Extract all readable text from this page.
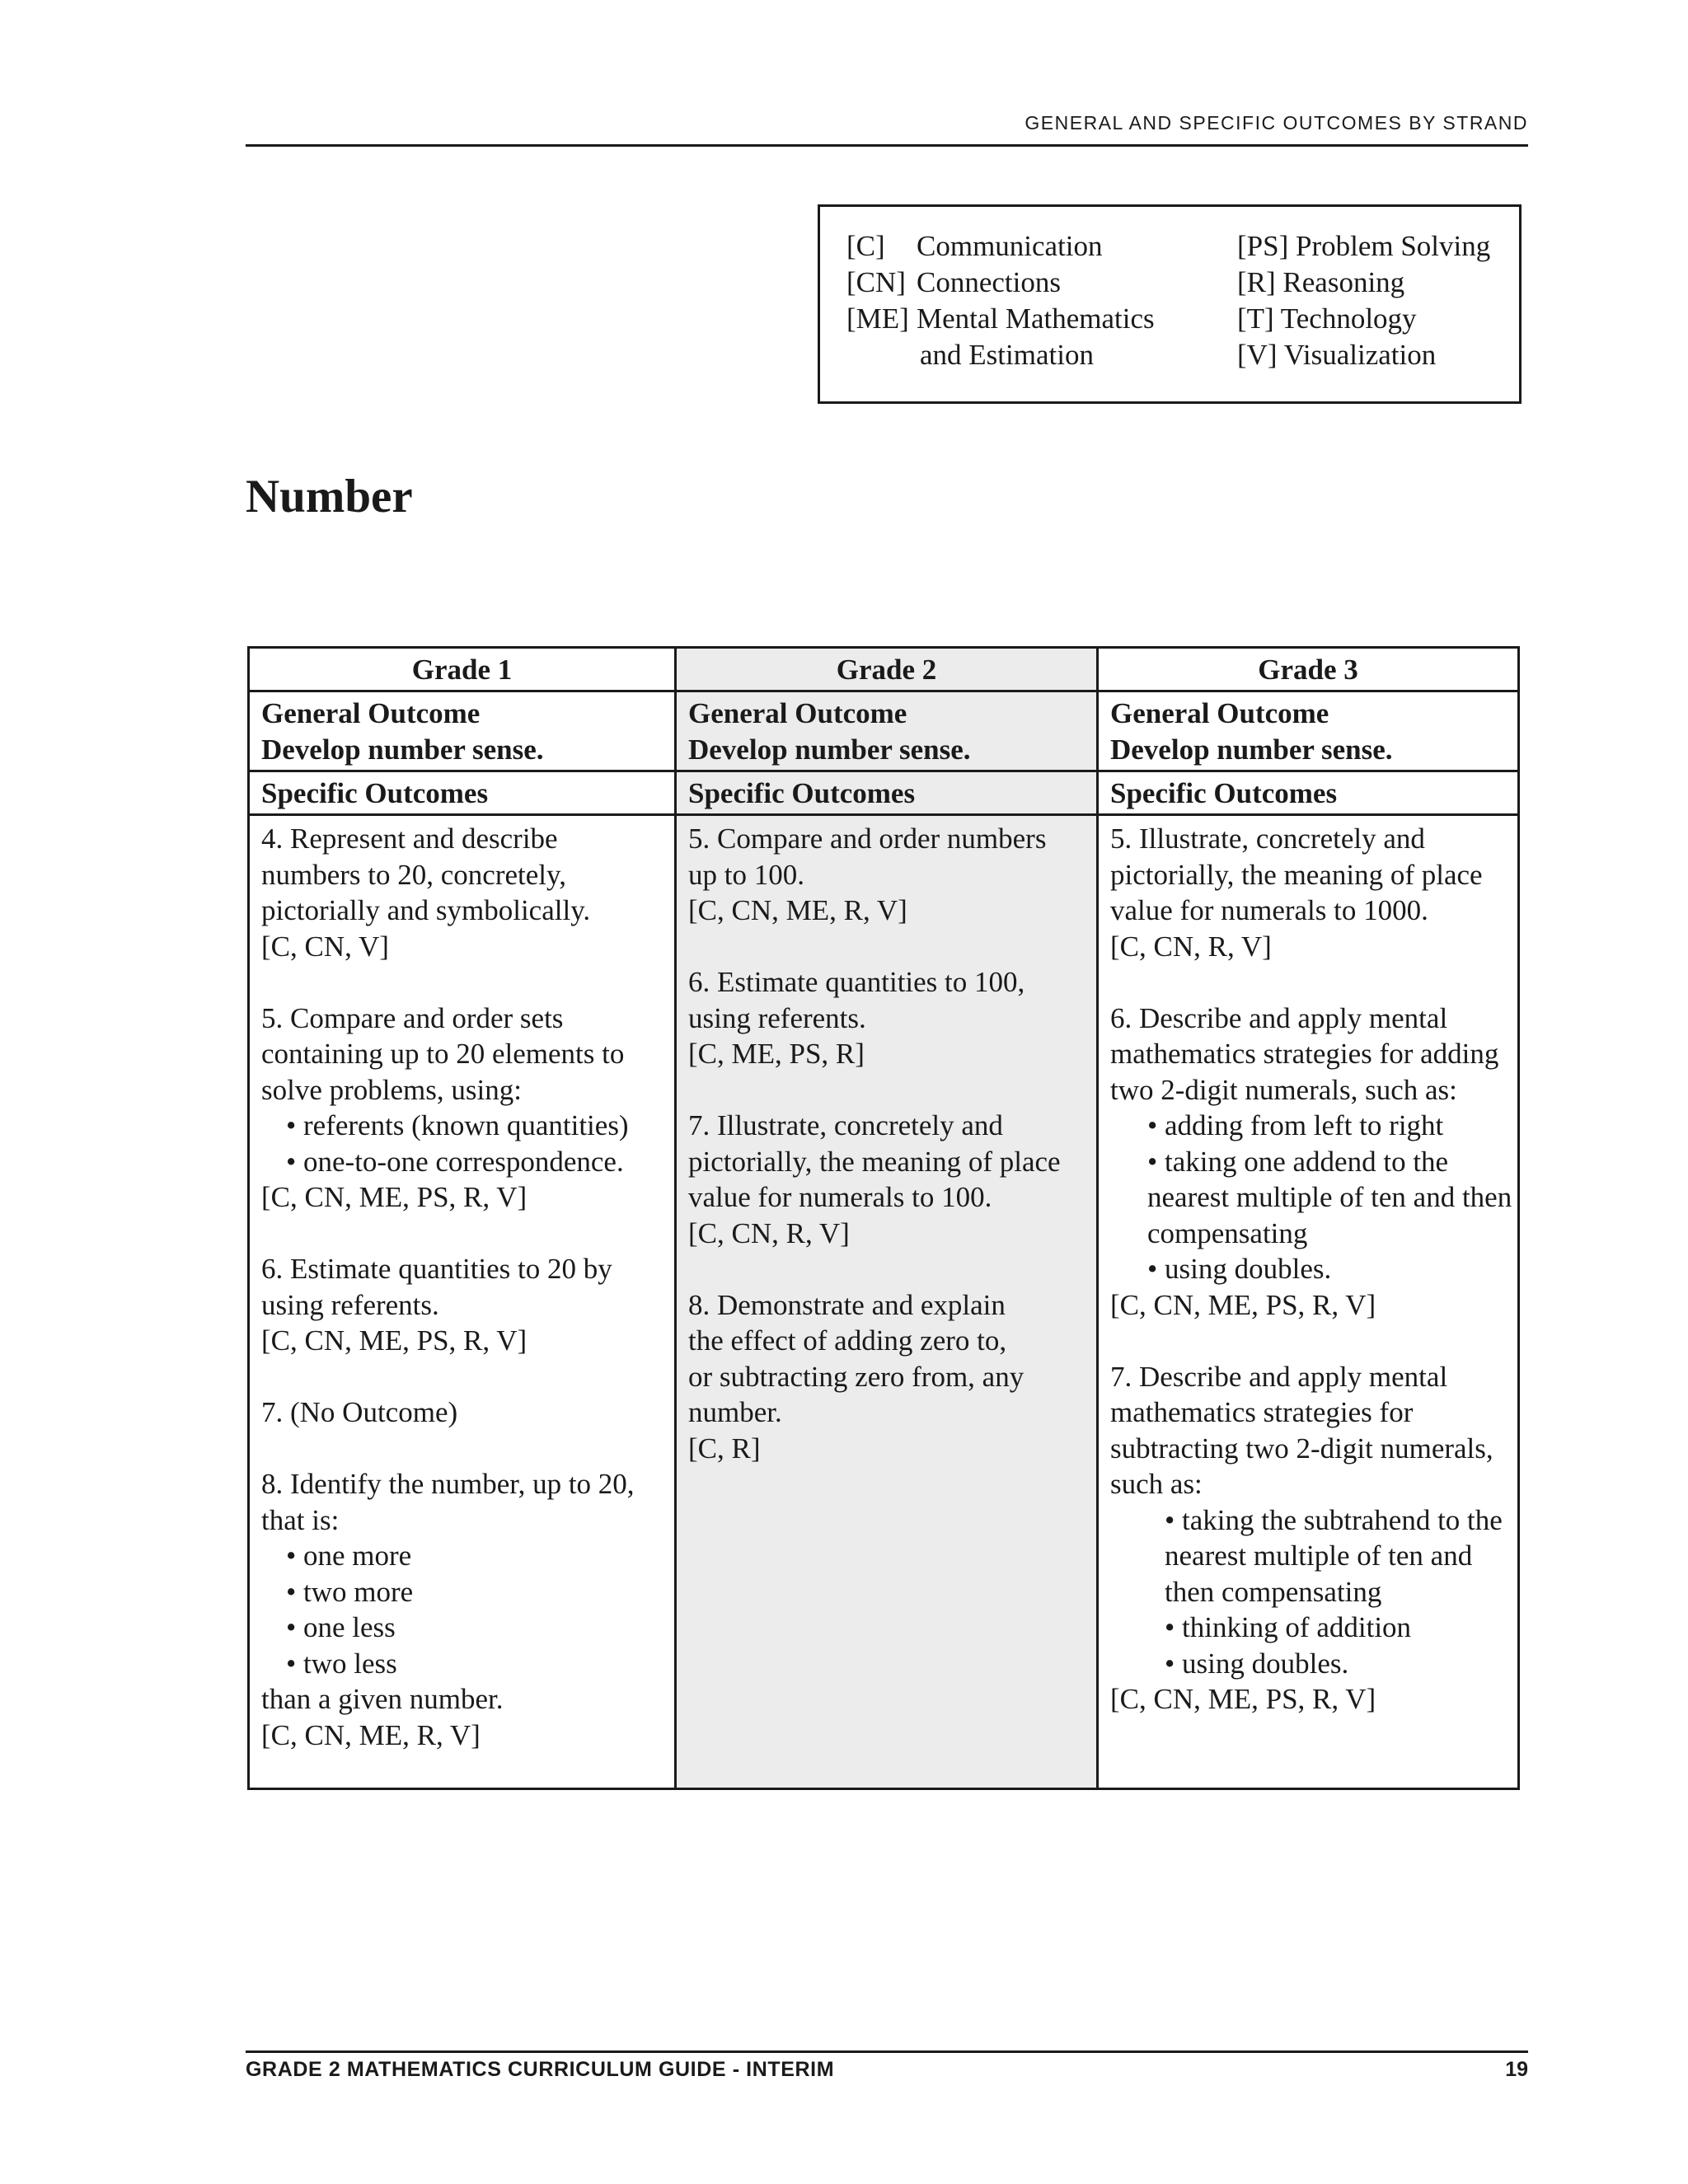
GENERAL AND SPECIFIC OUTCOMES BY STRAND
[C] Communication
[CN] Connections
[ME] Mental Mathematics
and Estimation
[PS] Problem Solving
[R] Reasoning
[T] Technology
[V] Visualization
Number
Grade 1
General Outcome
Develop number sense.
Specific Outcomes
4. Represent and describe
numbers to 20, concretely,
pictorially and symbolically.
[C, CN, V]
5. Compare and order sets
containing up to 20 elements to
solve problems, using:
• referents (known quantities)
• one-to-one correspondence.
[C, CN, ME, PS, R, V]
6. Estimate quantities to 20 by
using referents.
[C, CN, ME, PS, R, V]
7. (No Outcome)
8. Identify the number, up to 20,
that is:
• one more
• two more
• one less
• two less
than a given number.
[C, CN, ME, R, V]
Grade 2
General Outcome
Develop number sense.
Specific Outcomes
5. Compare and order numbers
up to 100.
[C, CN, ME, R, V]
6. Estimate quantities to 100,
using referents.
[C, ME, PS, R]
7. Illustrate, concretely and
pictorially, the meaning of place
value for numerals to 100.
[C, CN, R, V]
8. Demonstrate and explain
the effect of adding zero to,
or subtracting zero from, any
number.
[C, R]
Grade 3
General Outcome
Develop number sense.
Specific Outcomes
5. Illustrate, concretely and
pictorially, the meaning of place
value for numerals to 1000.
[C, CN, R, V]
6. Describe and apply mental
mathematics strategies for adding
two 2-digit numerals, such as:
• adding from left to right
• taking one addend to the
nearest multiple of ten and then
compensating
• using doubles.
[C, CN, ME, PS, R, V]
7. Describe and apply mental
mathematics strategies for
subtracting two 2-digit numerals,
such as:
• taking the subtrahend to the
nearest multiple of ten and
then compensating
• thinking of addition
• using doubles.
[C, CN, ME, PS, R, V]
GRADE 2 MATHEMATICS CURRICULUM GUIDE - INTERIM	19
